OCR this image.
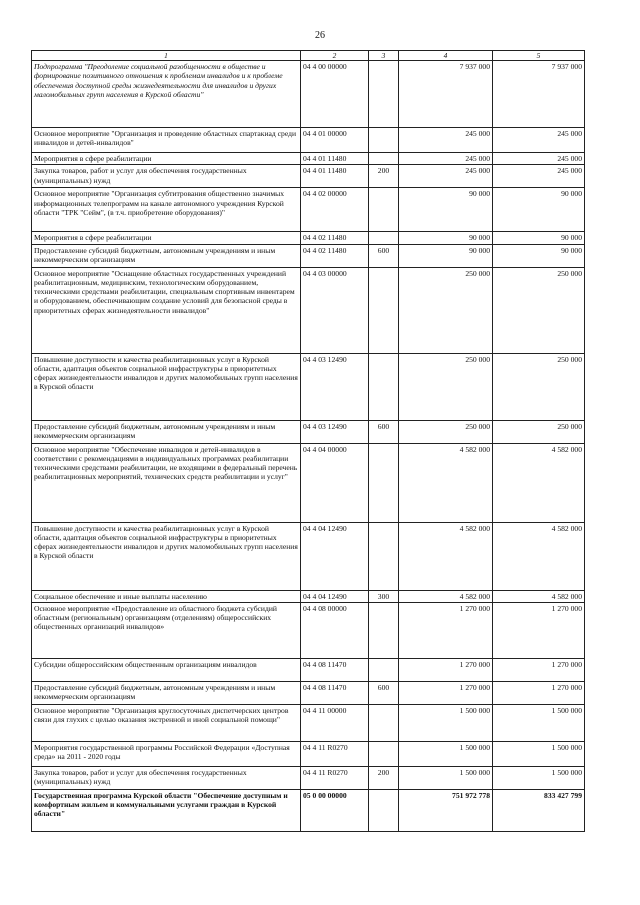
26
1	2	3	4	5
Подпрограмма "Преодоление социальной разобщенности в обществе и формирование позитивного отношения к проблемам инвалидов и к проблеме обеспечения доступной среды жизнедеятельности для инвалидов и других маломобильных групп населения в Курской области"	04 4 00 00000		7 937 000	7 937 000
Основное мероприятие "Организация и проведение областных спартакиад среди инвалидов и детей-инвалидов"	04 4 01 00000		245 000	245 000
Мероприятия в сфере реабилитации	04 4 01 11480		245 000	245 000
Закупка товаров, работ и услуг для обеспечения государственных (муниципальных) нужд	04 4 01 11480	200	245 000	245 000
Основное мероприятие "Организация субтитрования общественно значимых информационных телепрограмм на канале автономного учреждения Курской области "ТРК "Сейм", (в т.ч. приобретение оборудования)"	04 4 02 00000		90 000	90 000
Мероприятия в сфере реабилитации	04 4 02 11480		90 000	90 000
Предоставление субсидий бюджетным, автономным учреждениям и иным некоммерческим организациям	04 4 02 11480	600	90 000	90 000
Основное мероприятие "Оснащение областных государственных учреждений реабилитационным, медицинским, технологическим оборудованием, техническими средствами реабилитации, специальным спортивным инвентарем и оборудованием, обеспечивающим создание условий для безопасной среды в приоритетных сферах жизнедеятельности инвалидов"	04 4 03 00000		250 000	250 000
Повышение доступности и качества реабилитационных услуг в Курской области, адаптация объектов социальной инфраструктуры в приоритетных сферах жизнедеятельности инвалидов и других маломобильных групп населения в Курской области	04 4 03 12490		250 000	250 000
Предоставление субсидий бюджетным, автономным учреждениям и иным некоммерческим организациям	04 4 03 12490	600	250 000	250 000
Основное мероприятие "Обеспечение инвалидов и детей-инвалидов в соответствии с рекомендациями в индивидуальных программах реабилитации техническими средствами реабилитации, не входящими в федеральный перечень реабилитационных мероприятий, технических средств реабилитации и услуг"	04 4 04 00000		4 582 000	4 582 000
Повышение доступности и качества реабилитационных услуг в Курской области, адаптация объектов социальной инфраструктуры в приоритетных сферах жизнедеятельности инвалидов и других маломобильных групп населения в Курской области	04 4 04 12490		4 582 000	4 582 000
Социальное обеспечение и иные выплаты населению	04 4 04 12490	300	4 582 000	4 582 000
Основное мероприятие «Предоставление из областного бюджета субсидий областным (региональным) организациям (отделениям) общероссийских общественных организаций инвалидов»	04 4 08 00000		1 270 000	1 270 000
Субсидии общероссийским общественным организациям инвалидов	04 4 08 11470		1 270 000	1 270 000
Предоставление субсидий бюджетным, автономным учреждениям и иным некоммерческим организациям	04 4 08 11470	600	1 270 000	1 270 000
Основное мероприятие "Организация круглосуточных диспетчерских центров связи для глухих с целью оказания экстренной и иной социальной помощи"	04 4 11 00000		1 500 000	1 500 000
Мероприятия государственной программы Российской Федерации «Доступная среда» на 2011 - 2020 годы	04 4 11 R0270		1 500 000	1 500 000
Закупка товаров, работ и услуг для обеспечения государственных (муниципальных) нужд	04 4 11 R0270	200	1 500 000	1 500 000
Государственная программа Курской области "Обеспечение доступным и комфортным жильем и коммунальными услугами граждан в Курской области"	05 0 00 00000		751 972 778	833 427 799
